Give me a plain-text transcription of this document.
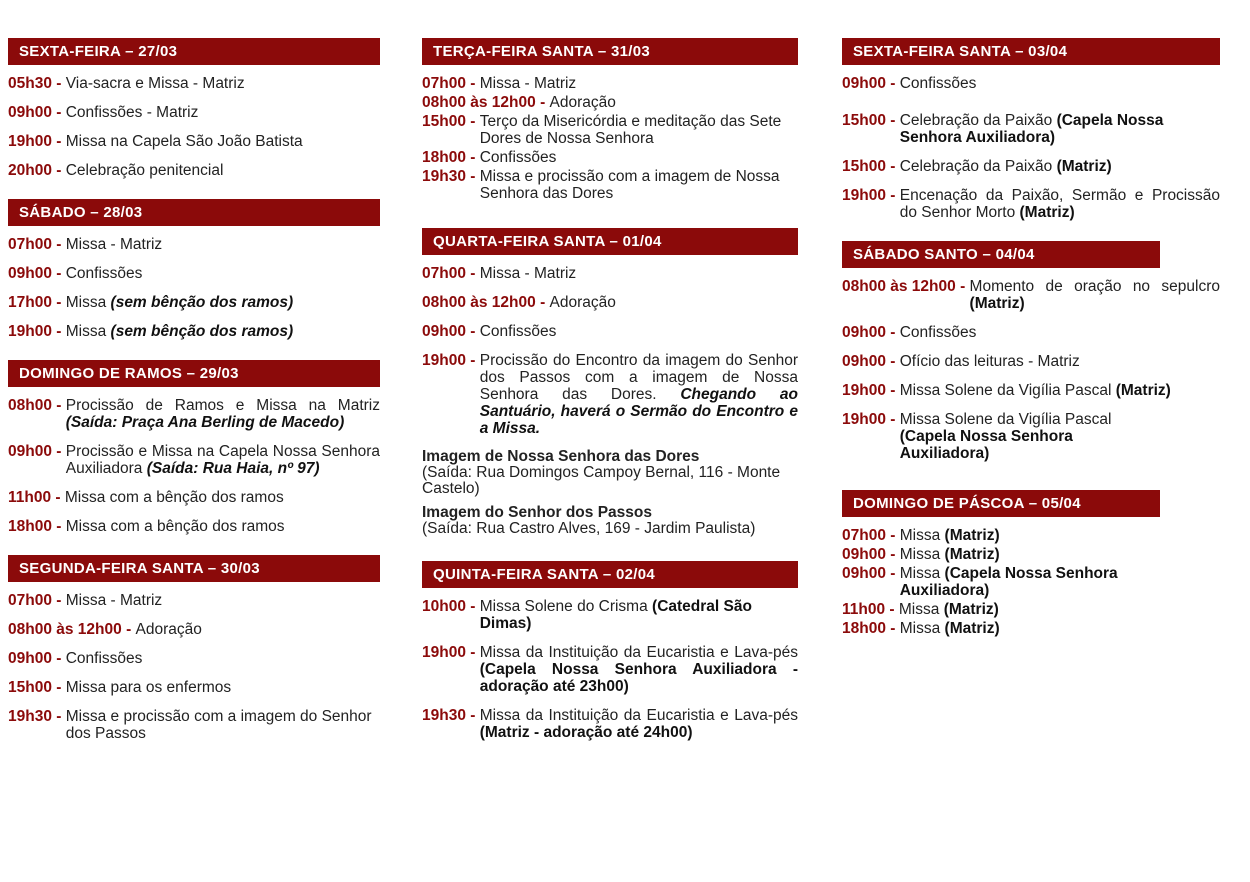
SEXTA-FEIRA – 27/03
05h30 - Via-sacra e Missa - Matriz
09h00 - Confissões - Matriz
19h00 - Missa na Capela São João Batista
20h00 - Celebração penitencial
SÁBADO – 28/03
07h00 - Missa - Matriz
09h00 - Confissões
17h00 - Missa (sem bênção dos ramos)
19h00 - Missa (sem bênção dos ramos)
DOMINGO DE RAMOS – 29/03
08h00 - Procissão de Ramos e Missa na Matriz (Saída: Praça Ana Berling de Macedo)
09h00 - Procissão e Missa na Capela Nossa Senhora Auxiliadora (Saída: Rua Haia, nº 97)
11h00 - Missa com a bênção dos ramos
18h00 - Missa com a bênção dos ramos
SEGUNDA-FEIRA SANTA – 30/03
07h00 - Missa - Matriz
08h00 às 12h00 - Adoração
09h00 - Confissões
15h00 - Missa para os enfermos
19h30 - Missa e procissão com a imagem do Senhor dos Passos
TERÇA-FEIRA SANTA – 31/03
07h00 - Missa - Matriz
08h00 às 12h00 - Adoração
15h00 - Terço da Misericórdia e meditação das Sete Dores de Nossa Senhora
18h00 - Confissões
19h30 - Missa e procissão com a imagem de Nossa Senhora das Dores
QUARTA-FEIRA SANTA – 01/04
07h00 - Missa - Matriz
08h00 às 12h00 - Adoração
09h00 - Confissões
19h00 - Procissão do Encontro da imagem do Senhor dos Passos com a imagem de Nossa Senhora das Dores. Chegando ao Santuário, haverá o Sermão do Encontro e a Missa.
Imagem de Nossa Senhora das Dores
(Saída: Rua Domingos Campoy Bernal, 116 - Monte Castelo)
Imagem do Senhor dos Passos
(Saída: Rua Castro Alves, 169 - Jardim Paulista)
QUINTA-FEIRA SANTA – 02/04
10h00 - Missa Solene do Crisma (Catedral São Dimas)
19h00 - Missa da Instituição da Eucaristia e Lava-pés (Capela Nossa Senhora Auxiliadora - adoração até 23h00)
19h30 - Missa da Instituição da Eucaristia e Lava-pés (Matriz - adoração até 24h00)
SEXTA-FEIRA SANTA – 03/04
09h00 - Confissões
15h00 - Celebração da Paixão (Capela Nossa Senhora Auxiliadora)
15h00 - Celebração da Paixão (Matriz)
19h00 - Encenação da Paixão, Sermão e Procissão do Senhor Morto (Matriz)
SÁBADO SANTO – 04/04
08h00 às 12h00 - Momento de oração no sepulcro (Matriz)
09h00 - Confissões
09h00 - Ofício das leituras - Matriz
19h00 - Missa Solene da Vigília Pascal (Matriz)
19h00 - Missa Solene da Vigília Pascal (Capela Nossa Senhora Auxiliadora)
DOMINGO DE PÁSCOA – 05/04
07h00 - Missa (Matriz)
09h00 - Missa (Matriz)
09h00 - Missa (Capela Nossa Senhora Auxiliadora)
11h00 - Missa (Matriz)
18h00 - Missa (Matriz)
